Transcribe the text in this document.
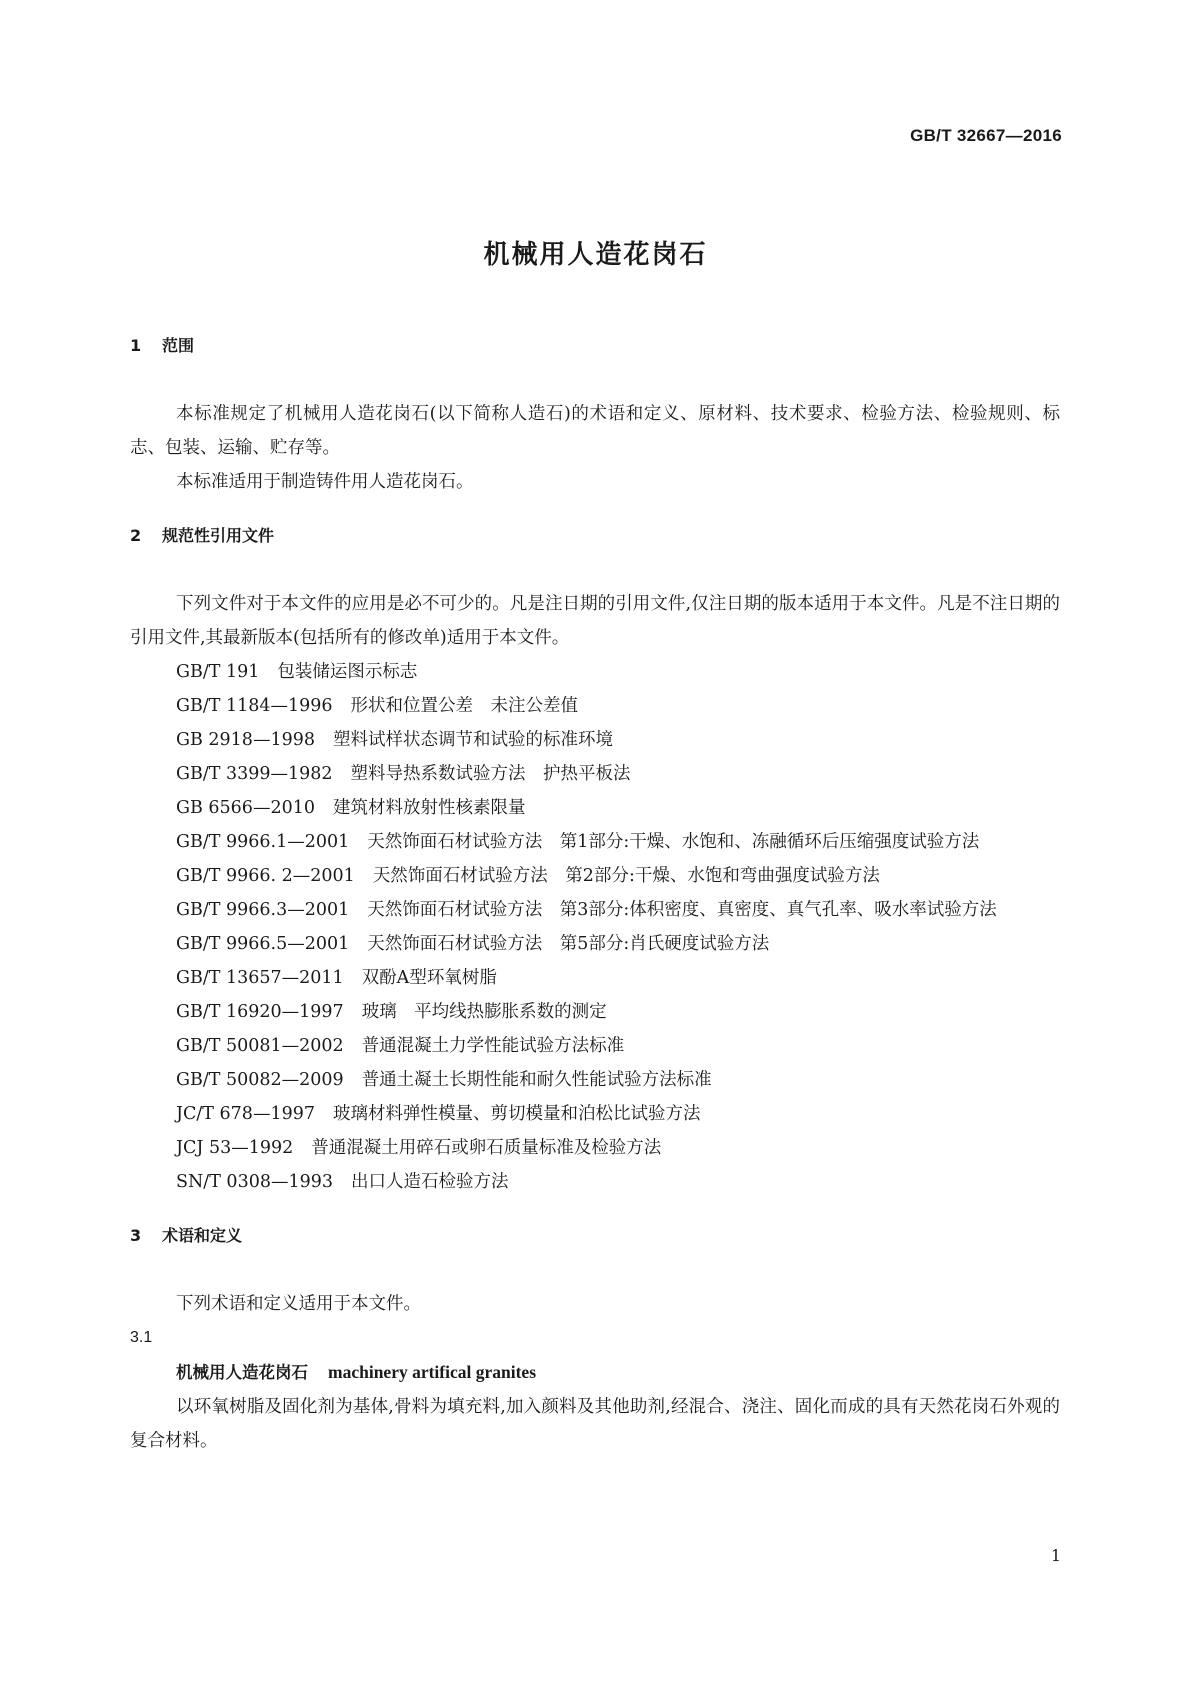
GB/T 32667—2016
机械用人造花岗石
1 范围

本标准规定了机械用人造花岗石(以下简称人造石)的术语和定义、原材料、技术要求、检验方法、检验规则、标志、包装、运输、贮存等。

本标准适用于制造铸件用人造花岗石。

2 规范性引用文件

下列文件对于本文件的应用是必不可少的。凡是注日期的引用文件,仅注日期的版本适用于本文件。凡是不注日期的引用文件,其最新版本(包括所有的修改单)适用于本文件。

GB/T 191 包装储运图示标志

GB/T 1184—1996 形状和位置公差　未注公差值

GB 2918—1998 塑料试样状态调节和试验的标准环境

GB/T 3399—1982 塑料导热系数试验方法　护热平板法

GB 6566—2010 建筑材料放射性核素限量

GB/T 9966.1—2001 天然饰面石材试验方法　第1部分:干燥、水饱和、冻融循环后压缩强度试验方法

GB/T 9966. 2—2001 天然饰面石材试验方法　第2部分:干燥、水饱和弯曲强度试验方法

GB/T 9966.3—2001 天然饰面石材试验方法　第3部分:体积密度、真密度、真气孔率、吸水率试验方法

GB/T 9966.5—2001 天然饰面石材试验方法　第5部分:肖氏硬度试验方法

GB/T 13657—2011 双酚A型环氧树脂

GB/T 16920—1997 玻璃　平均线热膨胀系数的测定

GB/T 50081—2002 普通混凝土力学性能试验方法标准

GB/T 50082—2009 普通土凝土长期性能和耐久性能试验方法标准

JC/T 678—1997 玻璃材料弹性模量、剪切模量和泊松比试验方法

JCJ 53—1992 普通混凝土用碎石或卵石质量标准及检验方法

SN/T 0308—1993 出口人造石检验方法

3 术语和定义

下列术语和定义适用于本文件。

3.1
机械用人造花岗石 machinery artifical granites

以环氧树脂及固化剂为基体,骨料为填充料,加入颜料及其他助剂,经混合、浇注、固化而成的具有天然花岗石外观的复合材料。

1
